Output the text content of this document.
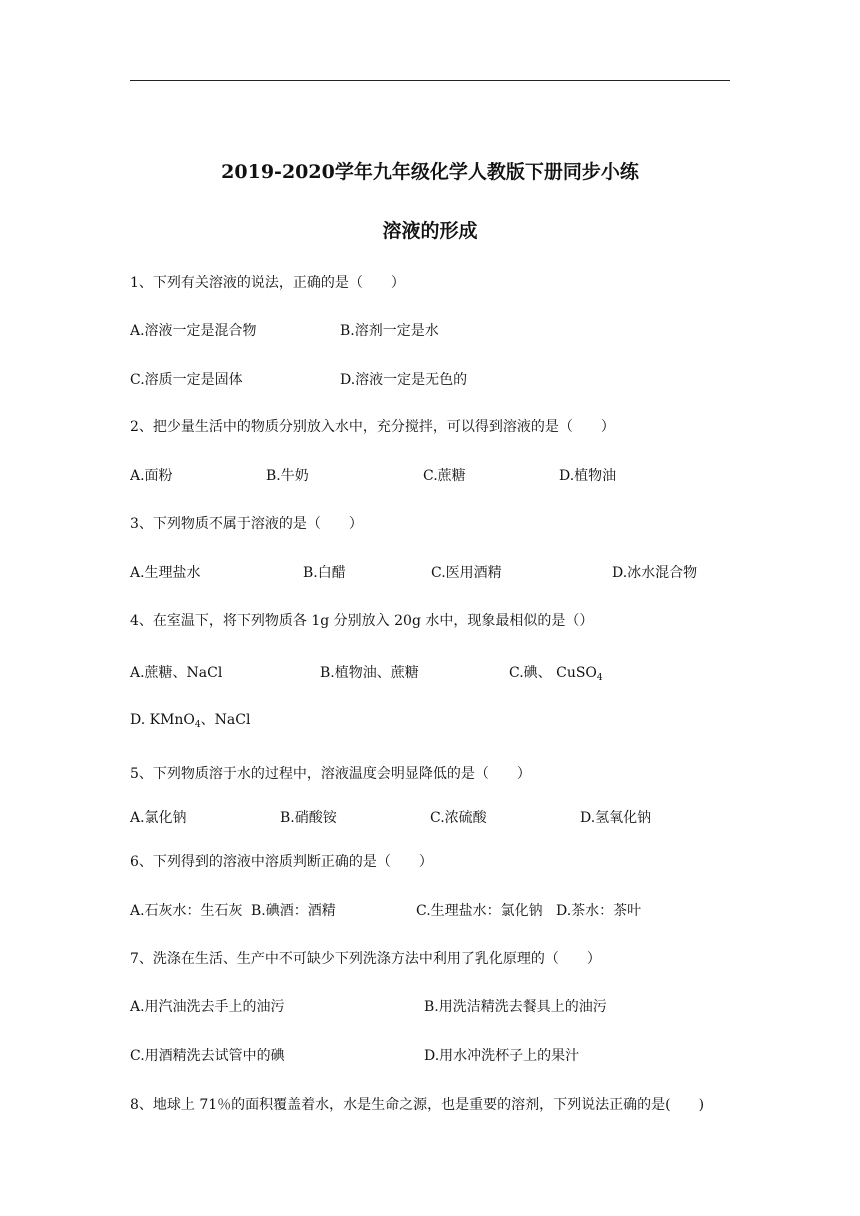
2019-2020学年九年级化学人教版下册同步小练
溶液的形成
1、下列有关溶液的说法，正确的是（　　）
A.溶液一定是混合物	B.溶剂一定是水
C.溶质一定是固体	D.溶液一定是无色的
2、把少量生活中的物质分别放入水中，充分搅拌，可以得到溶液的是（　　）
A.面粉	B.牛奶	C.蔗糖	D.植物油
3、下列物质不属于溶液的是（　　）
A.生理盐水	B.白醋	C.医用酒精	D.冰水混合物
4、在室温下，将下列物质各 1g 分别放入 20g 水中，现象最相似的是（）
A.蔗糖、NaCl	B.植物油、蔗糖	C.碘、 CuSO$_4$
D. KMnO$_4$、NaCl
5、下列物质溶于水的过程中，溶液温度会明显降低的是（　　）
A.氯化钠	B.硝酸铵	C.浓硫酸	D.氢氧化钠
6、下列得到的溶液中溶质判断正确的是（　　）
A.石灰水：生石灰 B.碘酒：酒精	C.生理盐水：氯化钠 D.茶水：茶叶
7、洗涤在生活、生产中不可缺少下列洗涤方法中利用了乳化原理的（　　）
A.用汽油洗去手上的油污	B.用洗洁精洗去餐具上的油污
C.用酒精洗去试管中的碘	D.用水冲洗杯子上的果汁
8、地球上 71％的面积覆盖着水，水是生命之源，也是重要的溶剂，下列说法正确的是(　　)
